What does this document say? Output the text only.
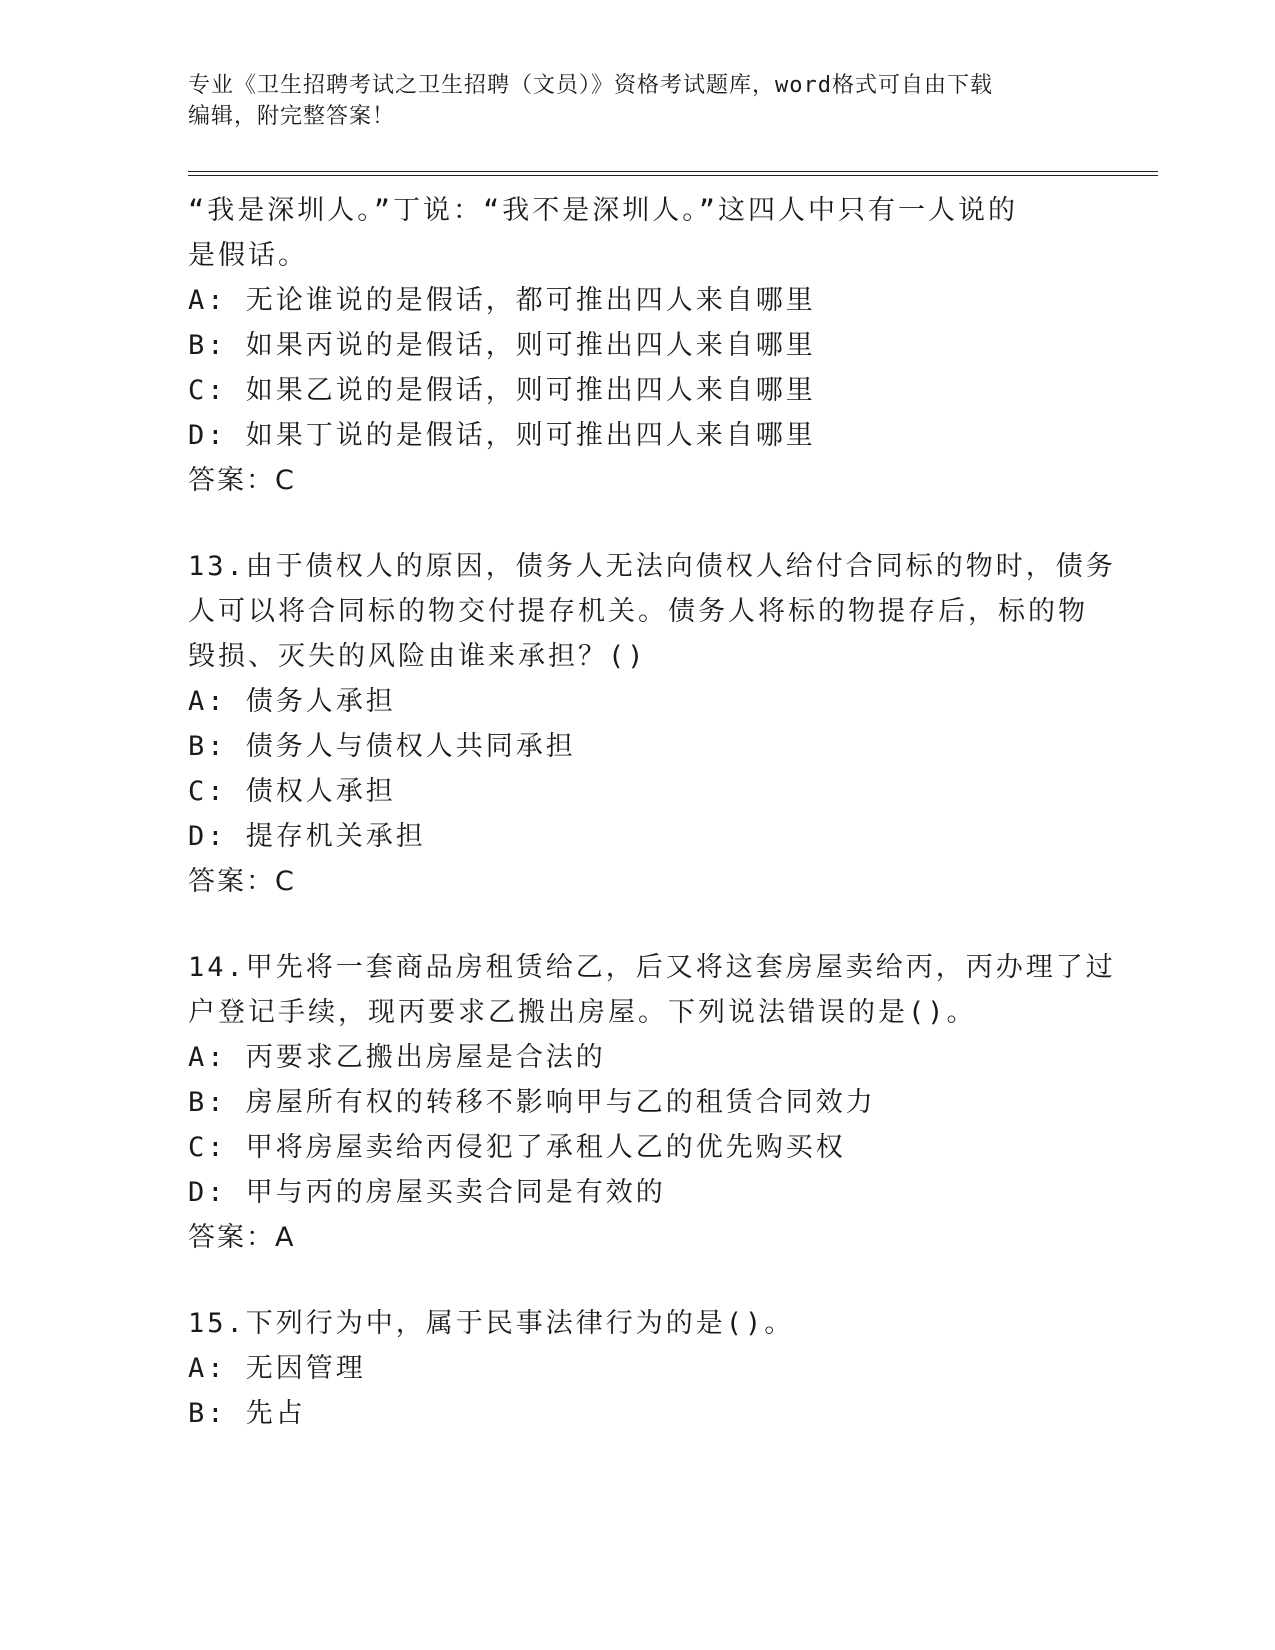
专业《卫生招聘考试之卫生招聘（文员）》资格考试题库，word格式可自由下载
编辑，附完整答案！
“我是深圳人。”丁说：“我不是深圳人。”这四人中只有一人说的
是假话。
A: 无论谁说的是假话，都可推出四人来自哪里
B: 如果丙说的是假话，则可推出四人来自哪里
C: 如果乙说的是假话，则可推出四人来自哪里
D: 如果丁说的是假话，则可推出四人来自哪里
答案：C
13.由于债权人的原因，债务人无法向债权人给付合同标的物时，债务
人可以将合同标的物交付提存机关。债务人将标的物提存后，标的物
毁损、灭失的风险由谁来承担？()
A: 债务人承担
B: 债务人与债权人共同承担
C: 债权人承担
D: 提存机关承担
答案：C
14.甲先将一套商品房租赁给乙，后又将这套房屋卖给丙，丙办理了过
户登记手续，现丙要求乙搬出房屋。下列说法错误的是()。
A: 丙要求乙搬出房屋是合法的
B: 房屋所有权的转移不影响甲与乙的租赁合同效力
C: 甲将房屋卖给丙侵犯了承租人乙的优先购买权
D: 甲与丙的房屋买卖合同是有效的
答案：A
15.下列行为中，属于民事法律行为的是()。
A: 无因管理
B: 先占
